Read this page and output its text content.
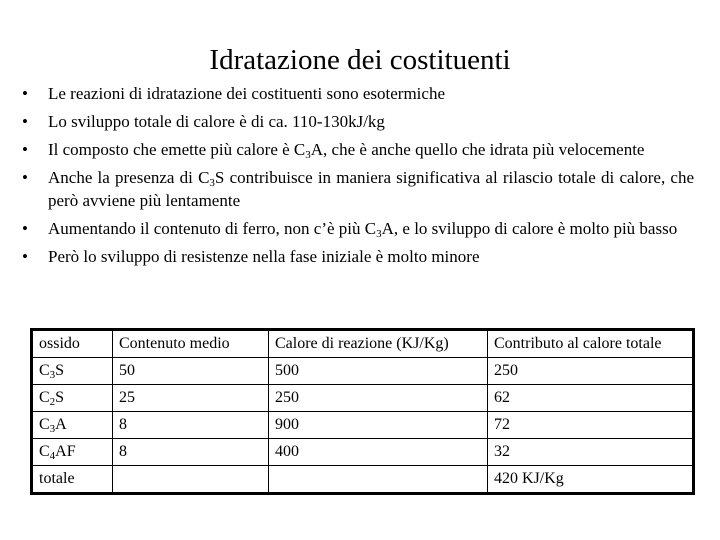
Idratazione dei costituenti
• Le reazioni di idratazione dei costituenti sono esotermiche
• Lo sviluppo totale di calore è di ca. 110-130kJ/kg
• Il composto che emette più calore è $C_3A$, che è anche quello che idrata più velocemente
• Anche la presenza di $C_3S$ contribuisce in maniera significativa al rilascio totale di calore, che però avviene più lentamente
• Aumentando il contenuto di ferro, non c’è più $C_3A$, e lo sviluppo di calore è molto più basso
• Però lo sviluppo di resistenze nella fase iniziale è molto minore
ossido	Contenuto medio	Calore di reazione (KJ/Kg)	Contributo al calore totale
$C_3S$	50	500	250
$C_2S$	25	250	62
$C_3A$	8	900	72
$C_4AF$	8	400	32
totale			420 KJ/Kg
